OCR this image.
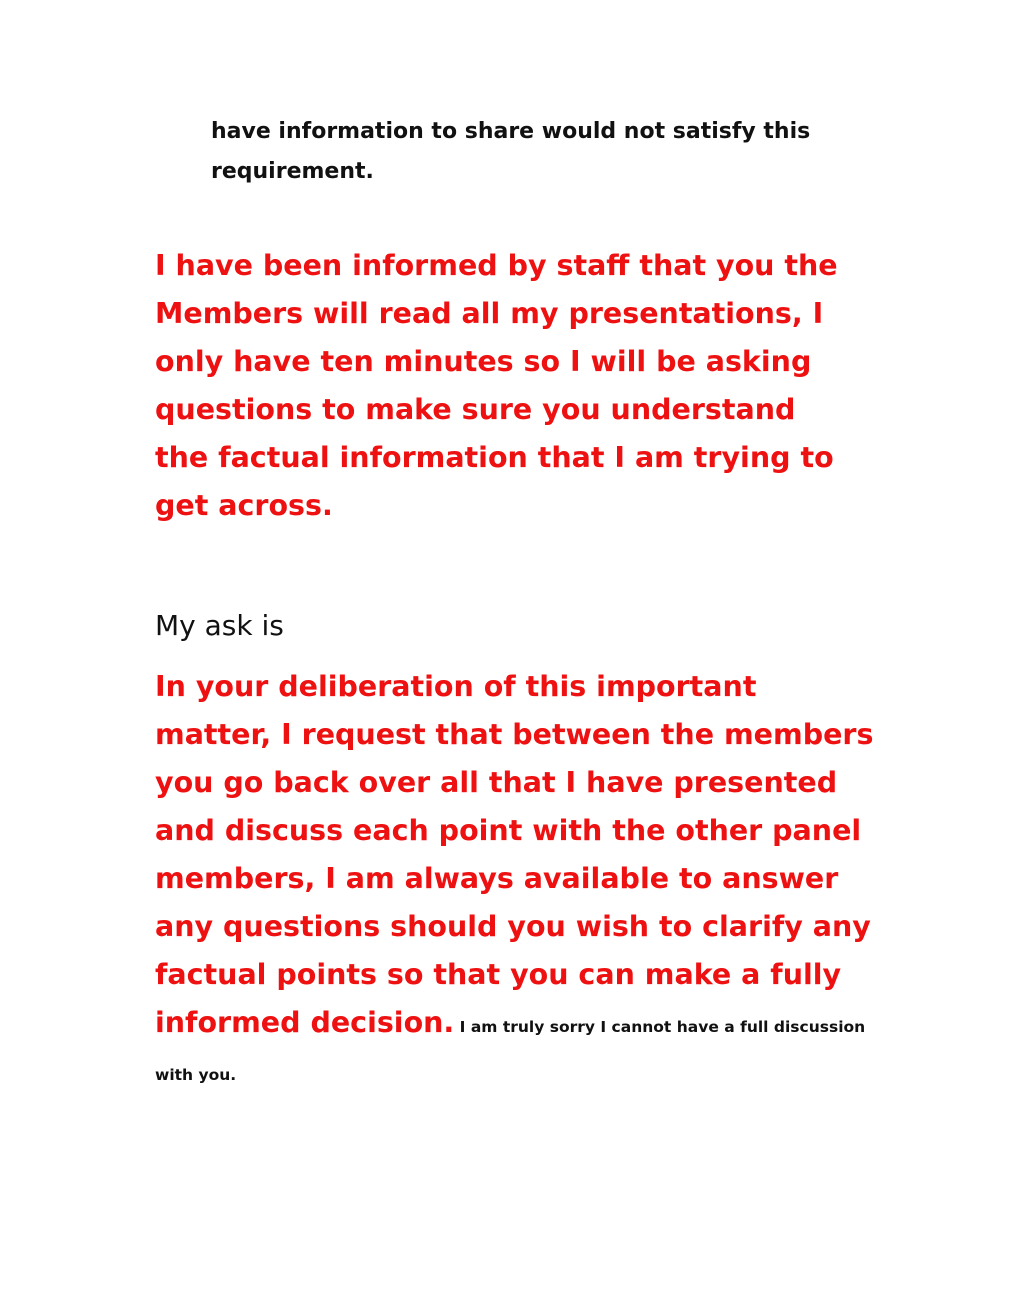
have information to share would not satisfy this requirement.

I have been informed by staff that you the Members will read all my presentations, I only have ten minutes so I will be asking questions to make sure you understand the factual information that I am trying to get across.

My ask is

In your deliberation of this important matter, I request that between the members you go back over all that I have presented and discuss each point with the other panel members, I am always available to answer any questions should you wish to clarify any factual points so that you can make a fully informed decision. I am truly sorry I cannot have a full discussion with you.
